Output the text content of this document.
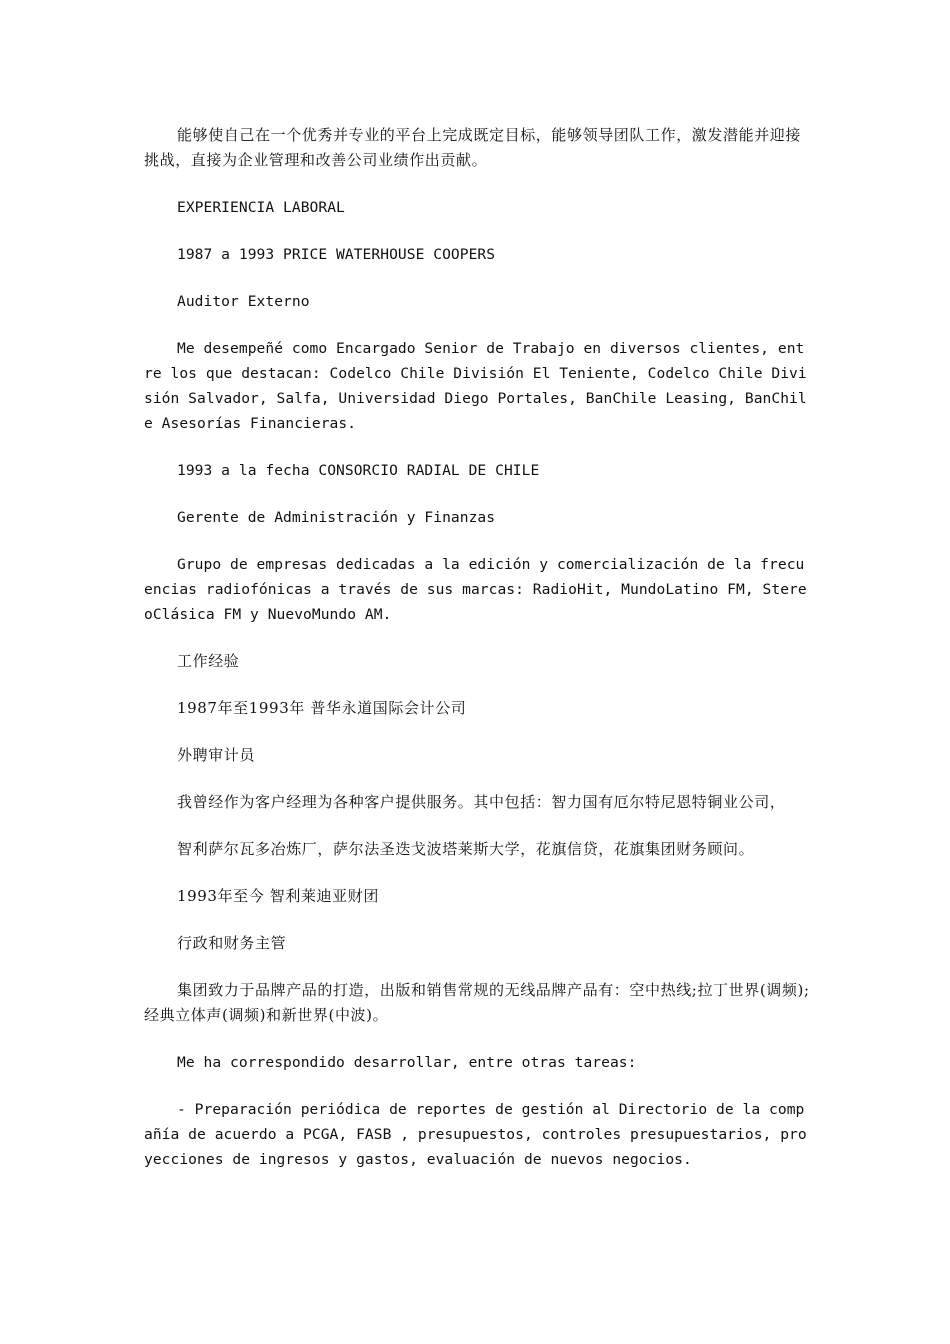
能够使自己在一个优秀并专业的平台上完成既定目标，能够领导团队工作，激发潜能并迎接挑战，直接为企业管理和改善公司业绩作出贡献。

EXPERIENCIA LABORAL

1987 a 1993 PRICE WATERHOUSE COOPERS

Auditor Externo

Me desempeñé como Encargado Senior de Trabajo en diversos clientes, entre los que destacan: Codelco Chile División El Teniente, Codelco Chile División Salvador, Salfa, Universidad Diego Portales, BanChile Leasing, BanChile Asesorías Financieras.

1993 a la fecha CONSORCIO RADIAL DE CHILE

Gerente de Administración y Finanzas

Grupo de empresas dedicadas a la edición y comercialización de la frecuencias radiofónicas a través de sus marcas: RadioHit, MundoLatino FM, StereoClásica FM y NuevoMundo AM.

工作经验

1987年至1993年 普华永道国际会计公司

外聘审计员

我曾经作为客户经理为各种客户提供服务。其中包括：智力国有厄尔特尼恩特铜业公司，

智利萨尔瓦多冶炼厂，萨尔法圣迭戈波塔莱斯大学，花旗信贷，花旗集团财务顾问。

1993年至今 智利莱迪亚财团

行政和财务主管

集团致力于品牌产品的打造，出版和销售常规的无线品牌产品有：空中热线;拉丁世界(调频);经典立体声(调频)和新世界(中波)。

Me ha correspondido desarrollar, entre otras tareas:

- Preparación periódica de reportes de gestión al Directorio de la compañía de acuerdo a PCGA, FASB , presupuestos, controles presupuestarios, proyecciones de ingresos y gastos, evaluación de nuevos negocios.
